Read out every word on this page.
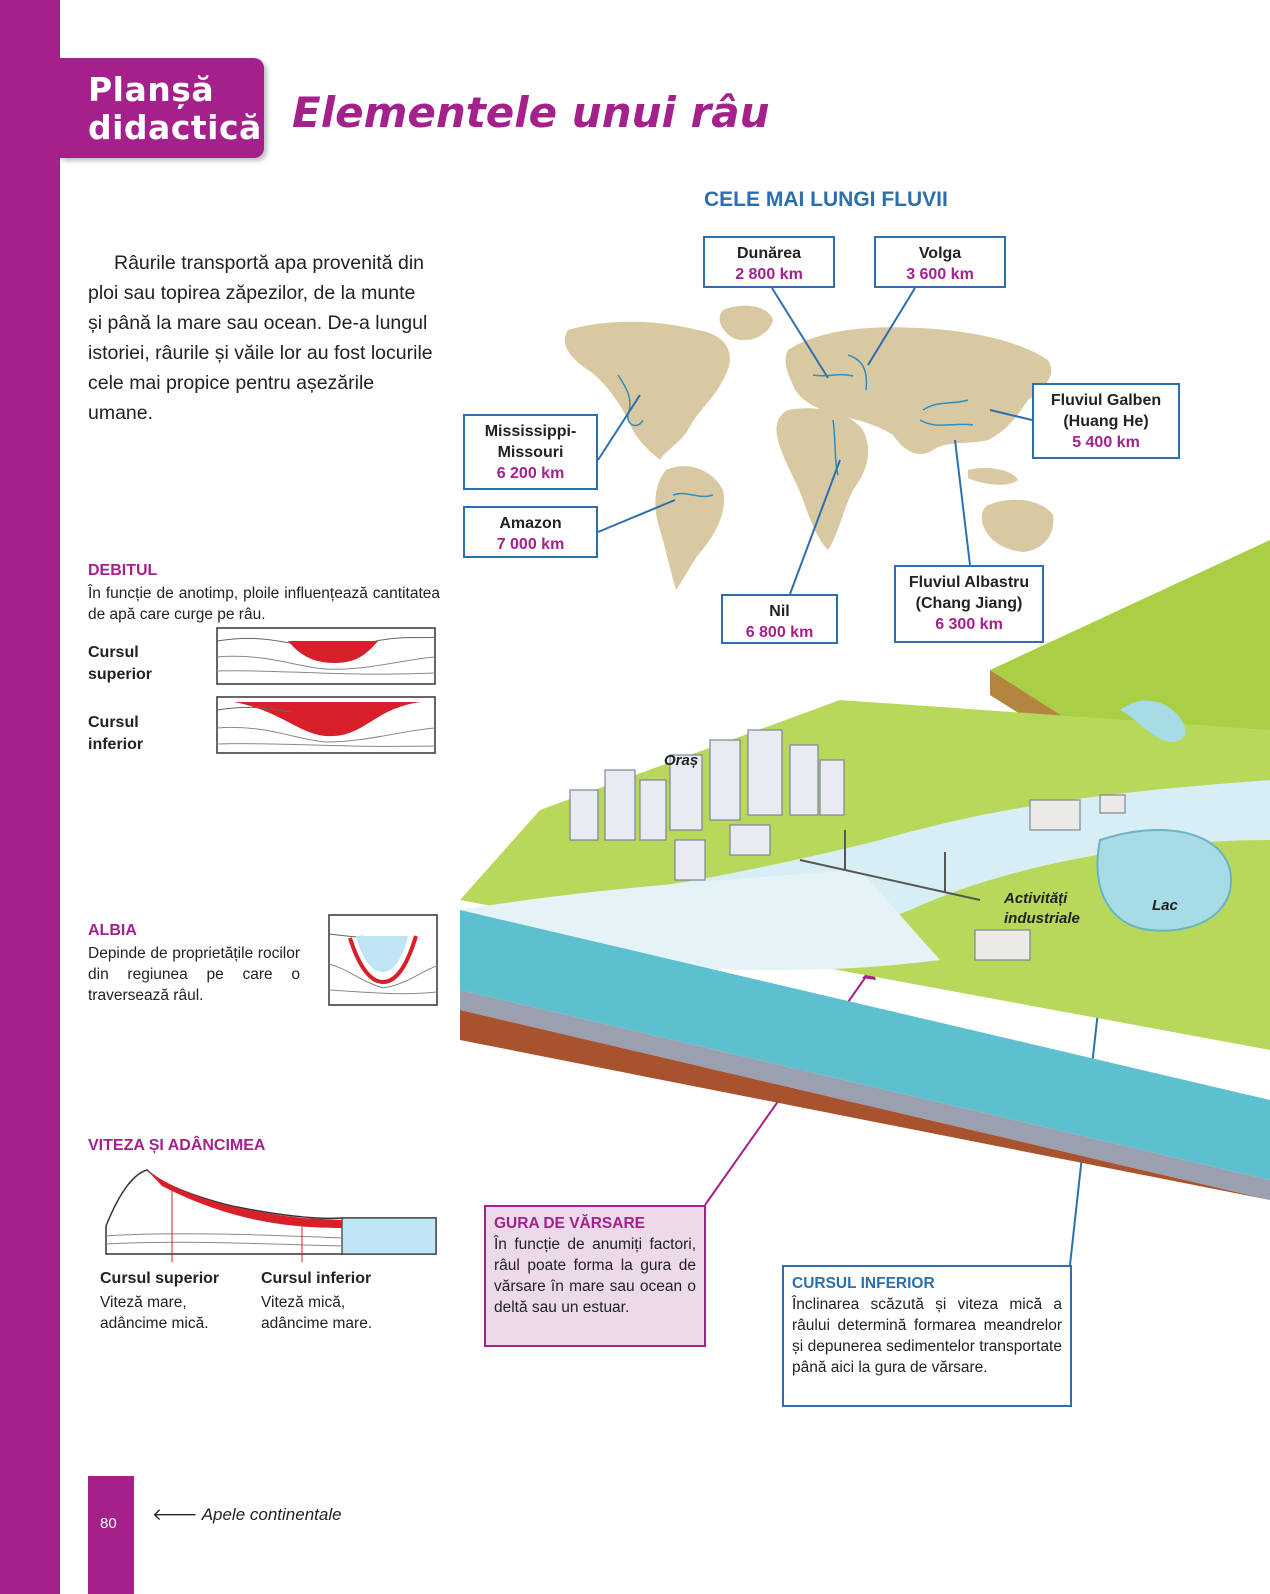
Planșă
didactică Elementele unui râu

Râurile transportă apa provenită din ploi sau topirea zăpezilor, de la munte și până la mare sau ocean. De-a lungul istoriei, râurile și văile lor au fost locurile cele mai propice pentru așezările umane.

CELE MAI LUNGI FLUVII
Dunărea
2 800 km
Volga
3 600 km
Fluviul Galben
(Huang He)
5 400 km
Mississippi-
Missouri
6 200 km
Amazon
7 000 km
Nil
6 800 km
Fluviul Albastru
(Chang Jiang)
6 300 km
Oraș
Activități
industriale
Lac
DEBITUL
În funcție de anotimp, ploile influențează cantitatea de apă care curge pe râu.
Cursul
superior
Cursul
inferior
ALBIA
Depinde de proprietățile rocilor din regiunea pe care o traversează râul.
VITEZA ȘI ADÂNCIMEA
Cursul superior
Viteză mare,
adâncime mică.
Cursul inferior
Viteză mică,
adâncime mare.
GURA DE VĂRSARE
În funcție de anumiți factori, râul poate forma la gura de vărsare în mare sau ocean o deltă sau un estuar.
CURSUL INFERIOR
Înclinarea scăzută și viteza mică a râului determină formarea meandrelor și depunerea sedimentelor transportate până aici la gura de vărsare.
80 🡐 Apele continentale
